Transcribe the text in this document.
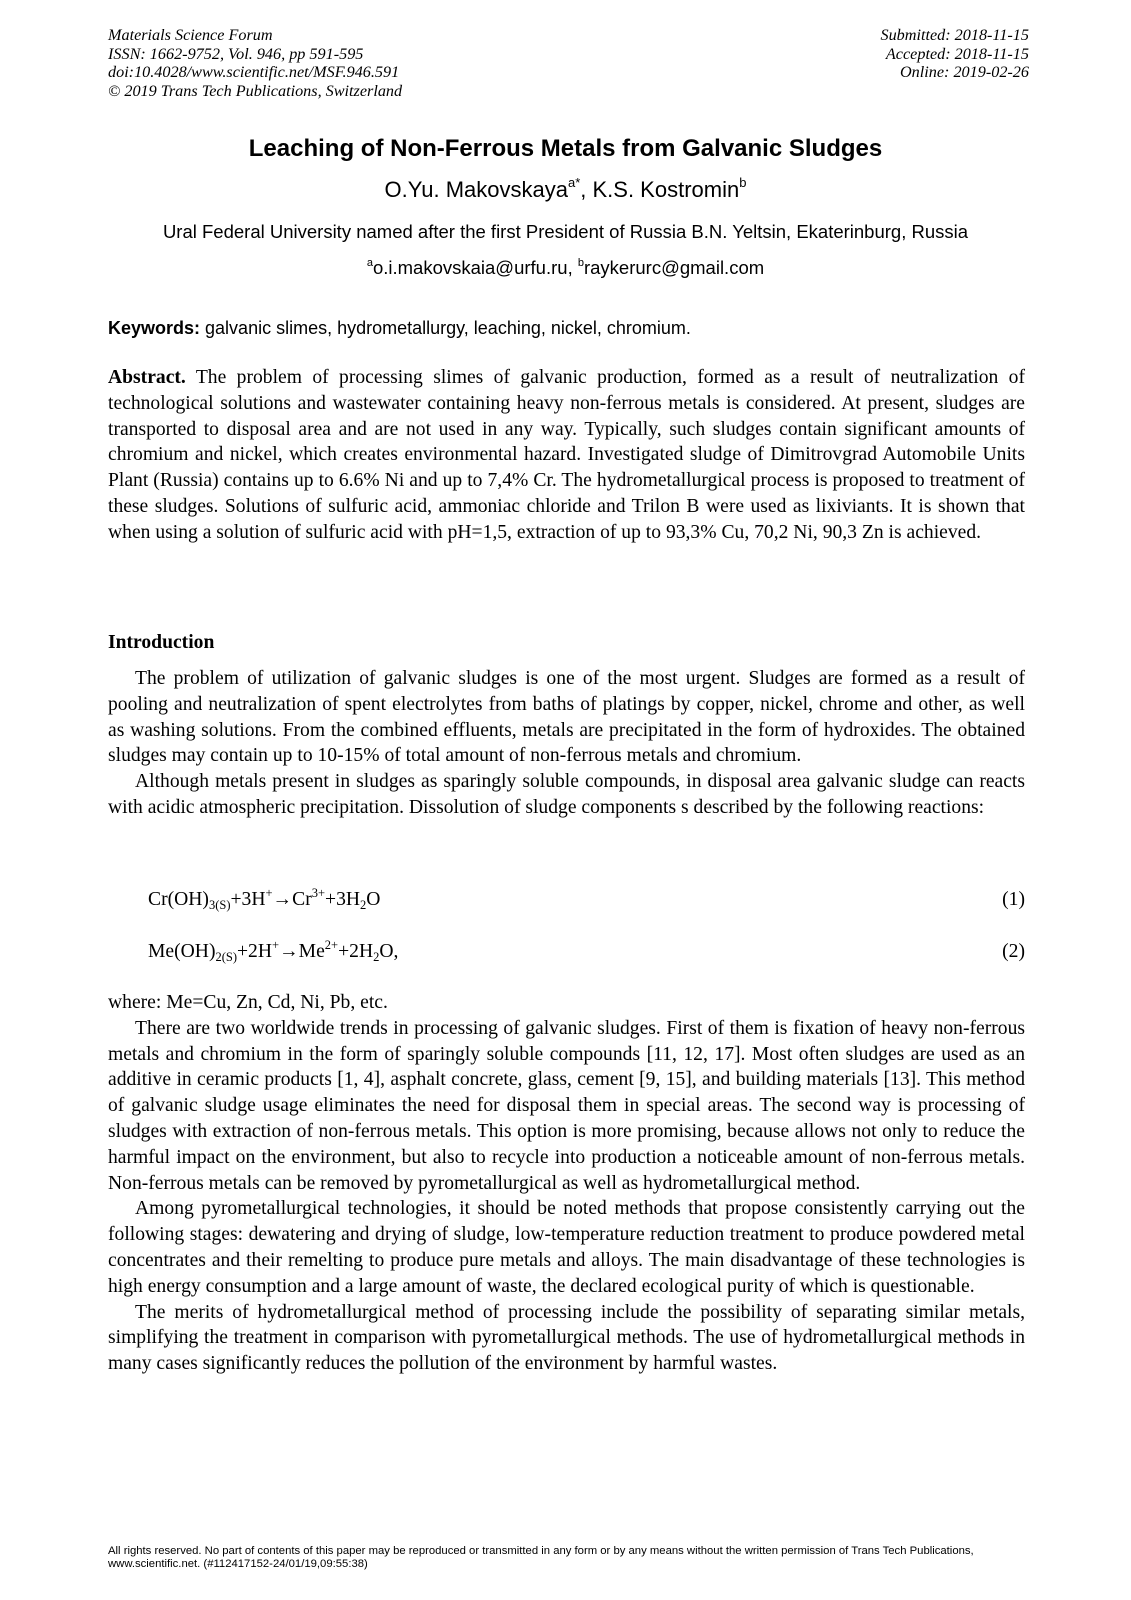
Materials Science Forum
ISSN: 1662-9752, Vol. 946, pp 591-595
doi:10.4028/www.scientific.net/MSF.946.591
© 2019 Trans Tech Publications, Switzerland
Submitted: 2018-11-15
Accepted: 2018-11-15
Online: 2019-02-26
Leaching of Non-Ferrous Metals from Galvanic Sludges
O.Yu. Makovskaya$^{a*}$, K.S. Kostromin$^b$
Ural Federal University named after the first President of Russia B.N. Yeltsin, Ekaterinburg, Russia
$^a$o.i.makovskaia@urfu.ru, $^b$raykerurc@gmail.com
Keywords: galvanic slimes, hydrometallurgy, leaching, nickel, chromium.
Abstract. The problem of processing slimes of galvanic production, formed as a result of neutralization of technological solutions and wastewater containing heavy non-ferrous metals is considered. At present, sludges are transported to disposal area and are not used in any way. Typically, such sludges contain significant amounts of chromium and nickel, which creates environmental hazard. Investigated sludge of Dimitrovgrad Automobile Units Plant (Russia) contains up to 6.6% Ni and up to 7,4% Cr. The hydrometallurgical process is proposed to treatment of these sludges. Solutions of sulfuric acid, ammoniac chloride and Trilon B were used as lixiviants. It is shown that when using a solution of sulfuric acid with pH=1,5, extraction of up to 93,3% Cu, 70,2 Ni, 90,3 Zn is achieved.
Introduction

The problem of utilization of galvanic sludges is one of the most urgent. Sludges are formed as a result of pooling and neutralization of spent electrolytes from baths of platings by copper, nickel, chrome and other, as well as washing solutions. From the combined effluents, metals are precipitated in the form of hydroxides. The obtained sludges may contain up to 10-15% of total amount of non-ferrous metals and chromium.

Although metals present in sludges as sparingly soluble compounds, in disposal area galvanic sludge can reacts with acidic atmospheric precipitation. Dissolution of sludge components s described by the following reactions:

$Cr(OH)_{3(S)}+3H^+\to Cr^{3+}+3H_2O$	(1)
$Me(OH)_{2(S)}+2H^+\to Me^{2+}+2H_2O$,	(2)

where: Me=Cu, Zn, Cd, Ni, Pb, etc.

There are two worldwide trends in processing of galvanic sludges. First of them is fixation of heavy non-ferrous metals and chromium in the form of sparingly soluble compounds [11, 12, 17]. Most often sludges are used as an additive in ceramic products [1, 4], asphalt concrete, glass, cement [9, 15], and building materials [13]. This method of galvanic sludge usage eliminates the need for disposal them in special areas. The second way is processing of sludges with extraction of non-ferrous metals. This option is more promising, because allows not only to reduce the harmful impact on the environment, but also to recycle into production a noticeable amount of non-ferrous metals. Non-ferrous metals can be removed by pyrometallurgical as well as hydrometallurgical method.

Among pyrometallurgical technologies, it should be noted methods that propose consistently carrying out the following stages: dewatering and drying of sludge, low-temperature reduction treatment to produce powdered metal concentrates and their remelting to produce pure metals and alloys. The main disadvantage of these technologies is high energy consumption and a large amount of waste, the declared ecological purity of which is questionable.

The merits of hydrometallurgical method of processing include the possibility of separating similar metals, simplifying the treatment in comparison with pyrometallurgical methods. The use of hydrometallurgical methods in many cases significantly reduces the pollution of the environment by harmful wastes.

All rights reserved. No part of contents of this paper may be reproduced or transmitted in any form or by any means without the written permission of Trans Tech Publications, www.scientific.net. (#112417152-24/01/19,09:55:38)
